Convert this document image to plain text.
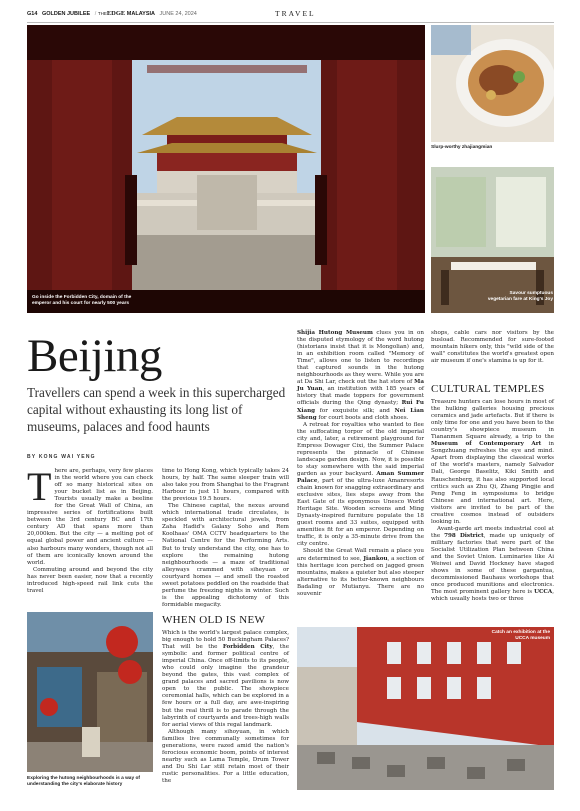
G14 GOLDEN JUBILEE / THEEDGE MALAYSIA JUNE 24, 2024	TRAVEL
Go inside the Forbidden City, domain of the emperor and his court for nearly 500 years
Slurp-worthy zhajiangmian
Savour sumptuous vegetarian fare at King's Joy
Beijing
Travellers can spend a week in this supercharged capital without exhausting its long list of museums, palaces and food haunts
BY KONG WAI YENG
T here are, perhaps, very few places in the world where you can check off so many historical sites on your bucket list as in Beijing. Tourists usually make a beeline for the Great Wall of China, an impressive series of fortifications built between the 3rd century BC and 17th century AD that spans more than 20,000km. But the city — a melting pot of equal global power and ancient culture — also harbours many wonders, though not all of them are iconically known around the world.

Commuting around and beyond the city has never been easier, now that a recently introduced high-speed rail link cuts the travel

Exploring the hutong neighbourhoods is a way of understanding the city's elaborate history

time to Hong Kong, which typically takes 24 hours, by half. The same sleeper train will also take you from Shanghai to the Fragrant Harbour in just 11 hours, compared with the previous 19.5 hours.

The Chinese capital, the nexus around which international trade circulates, is speckled with architectural jewels, from Zaha Hadid's Galaxy Soho and Rem Koolhaas' OMA CCTV headquarters to the National Centre for the Performing Arts. But to truly understand the city, one has to explore the remaining hutong neighbourhoods — a maze of traditional alleyways crammed with siheyuan or courtyard homes — and smell the roasted sweet potatoes peddled on the roadside that perfume the freezing nights in winter. Such is the appealing dichotomy of this formidable megacity.

WHEN OLD IS NEW

Which is the world's largest palace complex, big enough to hold 50 Buckingham Palaces? That will be the Forbidden City, the symbolic and former political centre of imperial China. Once off-limits to its people, who could only imagine the grandeur beyond the gates, this vast complex of grand palaces and sacred pavilions is now open to the public. The showpiece ceremonial halls, which can be explored in a few hours or a full day, are awe-inspiring but the real thrill is to parade through the labyrinth of courtyards and trees-high walls for aerial views of this regal landmark.

Although many sihoyuan, in which families live communally sometimes for generations, were razed amid the nation's ferocious economic boom, points of interest nearby such as Lama Temple, Drum Tower and Du Shi Lar still retain most of their rustic personalities. For a little education, the

Shijia Hutong Museum clues you in on the disputed etymology of the word hutong (historians insist that it is Mongolian) and, in an exhibition room called "Memory of Time", allows one to listen to recordings that captured sounds in the hutong neighbourhoods as they were. While you are at Da Shi Lar, check out the hat store of Ma Ju Yuan, an institution with 185 years of history that made toppers for government officials during the Qing dynasty; Rui Fu Xiang for exquisite silk; and Nei Lian Sheng for court boots and cloth shoes.

A retreat for royalties who wanted to flee the suffocating torpor of the old imperial city and, later, a retirement playground for Empress Dowager Cixi, the Summer Palace represents the pinnacle of Chinese landscape garden design. Now, it is possible to stay somewhere with the said imperial garden as your backyard. Aman Summer Palace, part of the ultra-luxe Amanresorts chain known for snagging extraordinary and exclusive sites, lies steps away from the East Gate of its eponymous Unesco World Heritage Site. Wooden screens and Ming Dynasty-inspired furniture populate the 18 guest rooms and 33 suites, equipped with amenities fit for an emperor. Depending on traffic, it is only a 35-minute drive from the city centre.

Should the Great Wall remain a place you are determined to see, Jiankou, a section of this heritage icon perched on jagged green mountains, makes a quieter but also steeper alternative to its better-known neighbours Badaling or Mutianyu. There are no souvenir

shops, cable cars nor visitors by the busload. Recommended for sure-footed mountain hikers only, this "wild side of the wall" constitutes the world's greatest open air museum if one's stamina is up for it.

CULTURAL TEMPLES

Treasure hunters can lose hours in most of the hulking galleries housing precious ceramics and jade artefacts. But if there is only time for one and you have been to the country's showpiece museum in Tiananmen Square already, a trip to the Museum of Contemporary Art in Songzhuang refreshes the eye and mind. Apart from displaying the classical works of the world's masters, namely Salvador Dali, George Baselitz, Kiki Smith and Rauschenberg, it has also supported local critics such as Zhu Qi, Zhang Pingjie and Peng Feng in symposiums to bridge Chinese and international art. Here, visitors are invited to be part of the creative cosmos instead of outsiders looking in.

Avant-garde art meets industrial cool at the 798 District, made up uniquely of military factories that were part of the Socialist Utilization Plan between China and the Soviet Union. Luminaries like Ai Weiwei and David Hockney have staged shows in some of these gargantua, decommissioned Bauhaus workshops that once produced munitions and electronics. The most prominent gallery here is UCCA, which usually hosts two or three

Catch an exhibition at the UCCA museum
